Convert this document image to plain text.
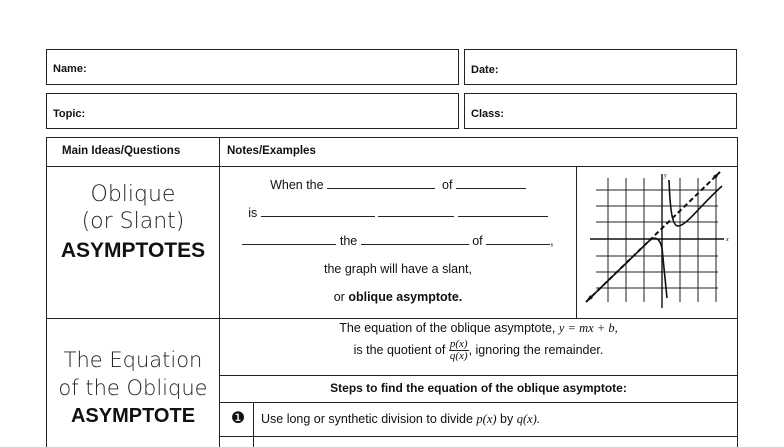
Name:	Date:
Topic:	Class:
Main Ideas/Questions	Notes/Examples
Oblique
(or Slant)
ASYMPTOTES
When the	of
is
the	of	,
the graph will have a slant,
or oblique asymptote.
y
x
The Equation
of the Oblique
ASYMPTOTE
The equation of the oblique asymptote, y = mx + b,
is the quotient of $\frac{p(x)}{q(x)}$ , ignoring the remainder.
Steps to find the equation of the oblique asymptote:
❶	Use long or synthetic division to divide p(x) by q(x).
